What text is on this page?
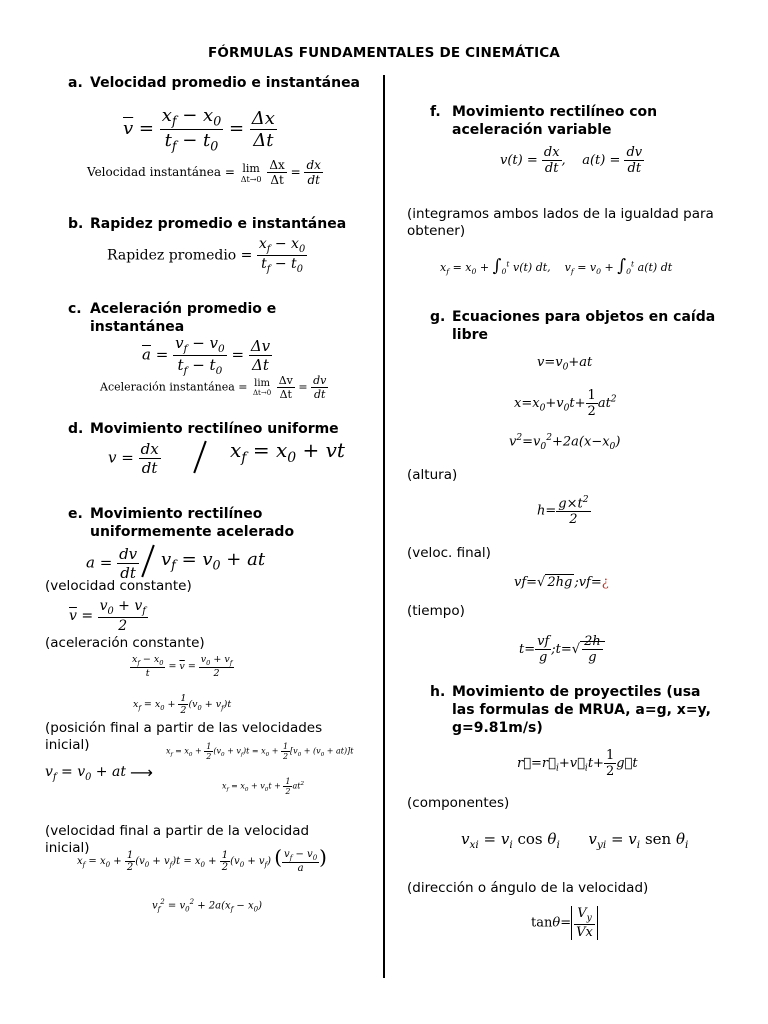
FÓRMULAS FUNDAMENTALES DE CINEMÁTICA
a. Velocidad promedio e instantánea
$\overline{v} = \frac{x_f - x_0}{t_f - t_0} = \frac{\Delta x}{\Delta t}$
Velocidad instantánea = lim
Δt→0
$\frac{\Delta x}{\Delta t} = \frac{dx}{dt}$
b. Rapidez promedio e instantánea
Rapidez promedio = $\frac{x_f - x_0}{t_f - t_0}$
c. Aceleración promedio e
instantánea
$\overline{a} = \frac{v_f - v_0}{t_f - t_0} = \frac{\Delta v}{\Delta t}$
Aceleración instantánea = lim
Δt→0
$\frac{\Delta v}{\Delta t} = \frac{dv}{dt}$
d. Movimiento rectilíneo uniforme
$v = \frac{dx}{dt}$	$x_f = x_0$ + vt
e. Movimiento rectilíneo
uniformemente acelerado
$a = \frac{dv}{dt} v_f = v_0$ + at
(velocidad constante)
$\overline{v} = \frac{v_0 + v_f}{2}$
(aceleración constante)
$\frac{x_f - x_0}{t} = \overline{v} = \frac{v_0 + v_f}{2}$
$x_f = x_0 + \frac{1}{2} (v_0 + v_f)t$
(posición final a partir de las velocidades
inicial)	$x_f = x_0 + \frac{1}{2} (v_0 + v_f)t = x_0 + \frac{1}{2} [v_0 + (v_0 + at)]t$
$v_f = v_0$ + at ⟶
$x_f = x_0 + v_0t + \frac{1}{2} at^2$
(velocidad final a partir de la velocidad
inicial)
$x_f = x_0 + \frac{1}{2} (v_0 + v_f)t = x_0 + \frac{1}{2} (v_0 + v_f)$ ( $\frac{v_f - v_0}{a}$ )
$v_f^2 = v_0^2 + 2a(x_f - x_0)$
f. Movimiento rectilíneo con
aceleración variable
$v(t) = \frac{dx}{dt}$ ,    $a(t) = \frac{dv}{dt}$
(integramos ambos lados de la igualdad para
obtener)
$x_f = x_0 + \int_0^t$ v(t) dt,    $v_f = v_0 + \int_0^t$ a(t) dt
g. Ecuaciones para objetos en caída
libre
$v=v_0+at$
$x=x_0+v_0t+ \frac{1}{2} at^2$
$v^2=v_0^2+2a(x-x_0)$
(altura)
$h= \frac{g\times t^2}{2}$
(veloc. final)
vf=√ 2hg ;vf=¿
(tiempo)
$t= \frac{vf}{g}$ ;t=√ $\frac{2h}{g}$
h. Movimiento de proyectiles (usa
las formulas de MRUA, a=g, x=y,
g=9.81m/s)
$r⃗=r⃗_i+v⃗_it+ \frac{1}{2}$ g⃗t
(componentes)
$v_{xi} = v_i$ $\cos \theta_i$      $v_{yi} = v_i$ sen $\theta_i$
(dirección o ángulo de la velocidad)
$\tan\theta= \frac{V_y}{Vx}$
